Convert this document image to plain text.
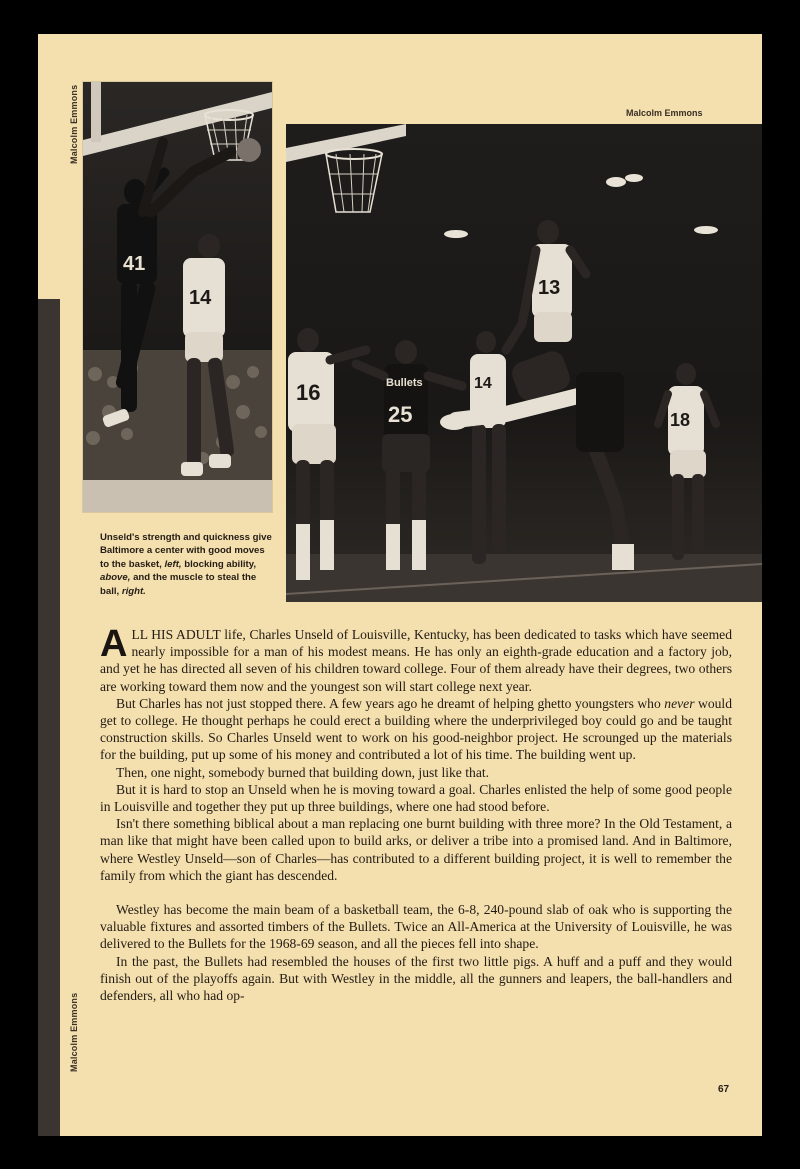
Malcolm Emmons	Malcolm Emmons
Malcolm Emmons
41
14
16	Bullets
25
14
13
18
Unseld's strength and quickness give Baltimore a center with good moves to the basket, left, blocking ability, above, and the muscle to steal the ball, right.

ALL HIS ADULT life, Charles Unseld of Louisville, Kentucky, has been dedicated to tasks which have seemed nearly impossible for a man of his modest means. He has only an eighth-grade education and a factory job, and yet he has directed all seven of his children toward college. Four of them already have their degrees, two others are working toward them now and the youngest son will start college next year.

But Charles has not just stopped there. A few years ago he dreamt of helping ghetto youngsters who never would get to college. He thought perhaps he could erect a building where the underprivileged boy could go and be taught construction skills. So Charles Unseld went to work on his good-neighbor project. He scrounged up the materials for the building, put up some of his money and contributed a lot of his time. The building went up.

Then, one night, somebody burned that building down, just like that.

But it is hard to stop an Unseld when he is moving toward a goal. Charles enlisted the help of some good people in Louisville and together they put up three buildings, where one had stood before.

Isn't there something biblical about a man replacing one burnt building with three more? In the Old Testament, a man like that might have been called upon to build arks, or deliver a tribe into a promised land. And in Baltimore, where Westley Unseld—son of Charles—has contributed to a different building project, it is well to remember the family from which the giant has descended.

Westley has become the main beam of a basketball team, the 6-8, 240-pound slab of oak who is supporting the valuable fixtures and assorted timbers of the Bullets. Twice an All-America at the University of Louisville, he was delivered to the Bullets for the 1968-69 season, and all the pieces fell into shape.

In the past, the Bullets had resembled the houses of the first two little pigs. A huff and a puff and they would finish out of the playoffs again. But with Westley in the middle, all the gunners and leapers, the ball-handlers and defenders, all who had op-

67
